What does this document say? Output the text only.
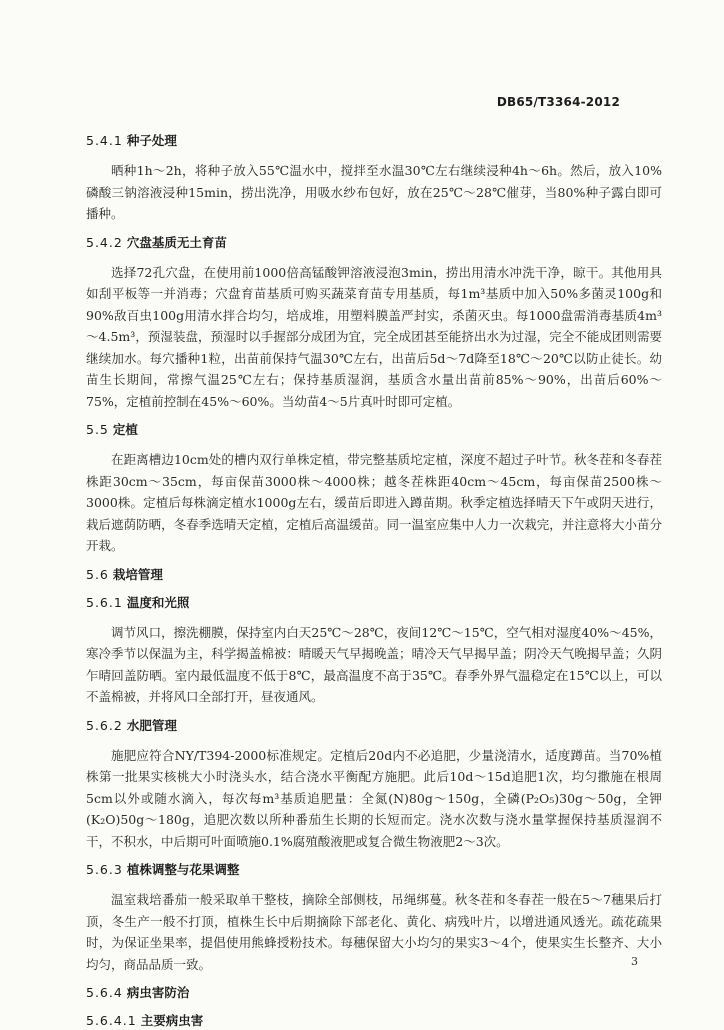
DB65/T3364-2012
5.4.1 种子处理

晒种1h～2h，将种子放入55℃温水中，搅拌至水温30℃左右继续浸种4h～6h。然后，放入10%磷酸三钠溶液浸种15min，捞出洗净，用吸水纱布包好，放在25℃～28℃催芽，当80%种子露白即可播种。

5.4.2 穴盘基质无土育苗

选择72孔穴盘，在使用前1000倍高锰酸钾溶液浸泡3min，捞出用清水冲洗干净，晾干。其他用具如刮平板等一并消毒；穴盘育苗基质可购买蔬菜育苗专用基质，每1m³基质中加入50%多菌灵100g和90%敌百虫100g用清水拌合均匀，培成堆，用塑料膜盖严封实，杀菌灭虫。每1000盘需消毒基质4m³～4.5m³，预湿装盘，预湿时以手握部分成团为宜，完全成团甚至能挤出水为过湿，完全不能成团则需要继续加水。每穴播种1粒，出苗前保持气温30℃左右，出苗后5d～7d降至18℃～20℃以防止徒长。幼苗生长期间，常擦气温25℃左右；保持基质湿润，基质含水量出苗前85%～90%，出苗后60%～75%，定植前控制在45%～60%。当幼苗4～5片真叶时即可定植。

5.5 定植

在距离槽边10cm处的槽内双行单株定植，带完整基质坨定植，深度不超过子叶节。秋冬茬和冬春茬株距30cm～35cm，每亩保苗3000株～4000株；越冬茬株距40cm～45cm，每亩保苗2500株～3000株。定植后每株滴定植水1000g左右，缓苗后即进入蹲苗期。秋季定植选择晴天下午或阴天进行，栽后遮荫防晒，冬春季选晴天定植，定植后高温缓苗。同一温室应集中人力一次栽完，并注意将大小苗分开栽。

5.6 栽培管理
5.6.1 温度和光照

调节风口，擦洗棚膜，保持室内白天25℃～28℃，夜间12℃～15℃，空气相对湿度40%～45%，寒冷季节以保温为主，科学揭盖棉被：晴暖天气早揭晚盖；晴冷天气早揭早盖；阴冷天气晚揭早盖；久阴乍晴回盖防晒。室内最低温度不低于8℃，最高温度不高于35℃。春季外界气温稳定在15℃以上，可以不盖棉被，并将风口全部打开，昼夜通风。

5.6.2 水肥管理

施肥应符合NY/T394-2000标准规定。定植后20d内不必追肥，少量浇清水，适度蹲苗。当70%植株第一批果实核桃大小时浇头水，结合浇水平衡配方施肥。此后10d～15d追肥1次，均匀撒施在根周5cm以外或随水滴入，每次每m³基质追肥量：全氮(N)80g～150g，全磷(P₂O₅)30g～50g，全钾(K₂O)50g～180g，追肥次数以所种番茄生长期的长短而定。浇水次数与浇水量掌握保持基质湿润不干，不积水，中后期可叶面喷施0.1%腐殖酸液肥或复合微生物液肥2～3次。

5.6.3 植株调整与花果调整

温室栽培番茄一般采取单干整枝，摘除全部侧枝，吊绳绑蔓。秋冬茬和冬春茬一般在5～7穗果后打顶，冬生产一般不打顶，植株生长中后期摘除下部老化、黄化、病残叶片，以增进通风透光。疏花疏果时，为保证坐果率，提倡使用熊蜂授粉技术。每穗保留大小均匀的果实3～4个，使果实生长整齐、大小均匀，商品品质一致。

5.6.4 病虫害防治
5.6.4.1 主要病虫害
3
